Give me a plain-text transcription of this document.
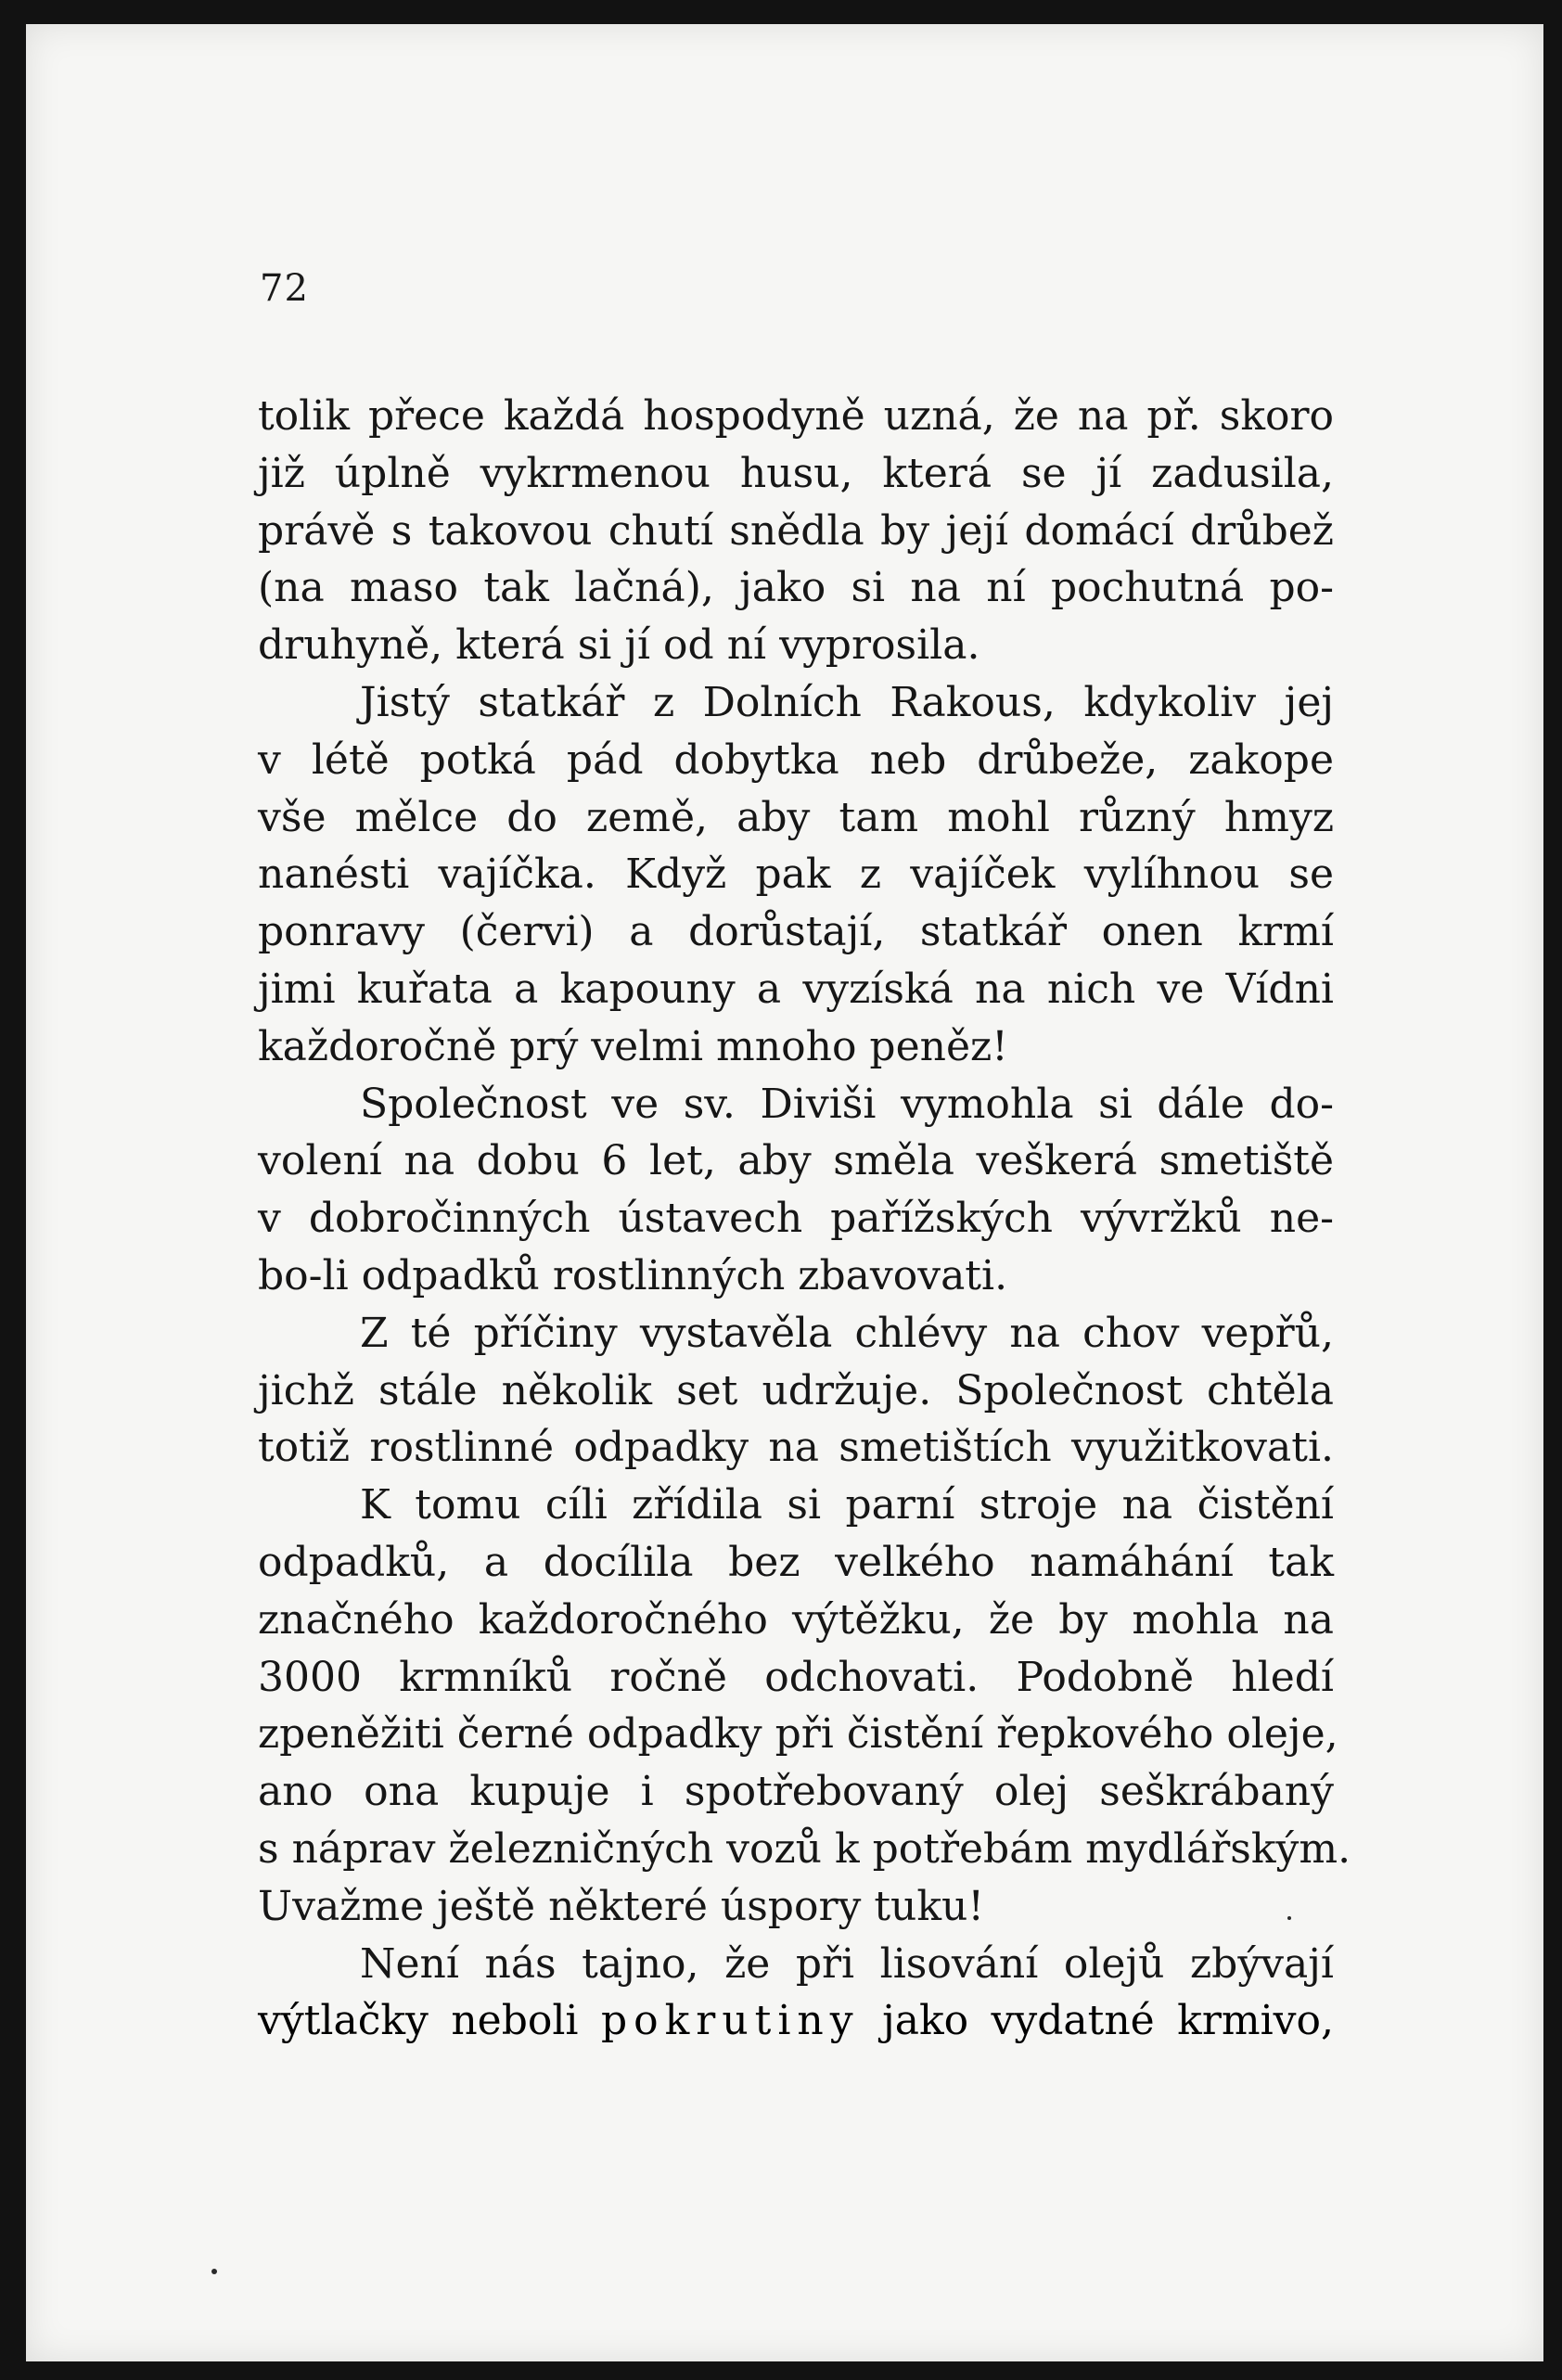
72
tolik přece každá hospodyně uzná, že na př. skoro
již úplně vykrmenou husu, která se jí zadusila,
právě s takovou chutí snědla by její domácí drůbež
(na maso tak lačná), jako si na ní pochutná po-
druhyně, která si jí od ní vyprosila.
Jistý statkář z Dolních Rakous, kdykoliv jej
v létě potká pád dobytka neb drůbeže, zakope
vše mělce do země, aby tam mohl různý hmyz
nanésti vajíčka. Když pak z vajíček vylíhnou se
ponravy (červi) a dorůstají, statkář onen krmí
jimi kuřata a kapouny a vyzíská na nich ve Vídni
každoročně prý velmi mnoho peněz!
Společnost ve sv. Diviši vymohla si dále do-
volení na dobu 6 let, aby směla veškerá smetiště
v dobročinných ústavech pařížských vývržků ne-
bo-li odpadků rostlinných zbavovati.
Z té příčiny vystavěla chlévy na chov vepřů,
jichž stále několik set udržuje. Společnost chtěla
totiž rostlinné odpadky na smetištích využitkovati.
K tomu cíli zřídila si parní stroje na čistění
odpadků, a docílila bez velkého namáhání tak
značného každoročného výtěžku, že by mohla na
3000 krmníků ročně odchovati. Podobně hledí
zpeněžiti černé odpadky při čistění řepkového oleje,
ano ona kupuje i spotřebovaný olej seškrábaný
s náprav železničných vozů k potřebám mydlářským.
Uvažme ještě některé úspory tuku!
Není nás tajno, že při lisování olejů zbývají
výtlačky neboli pokrutiny jako vydatné krmivo,
